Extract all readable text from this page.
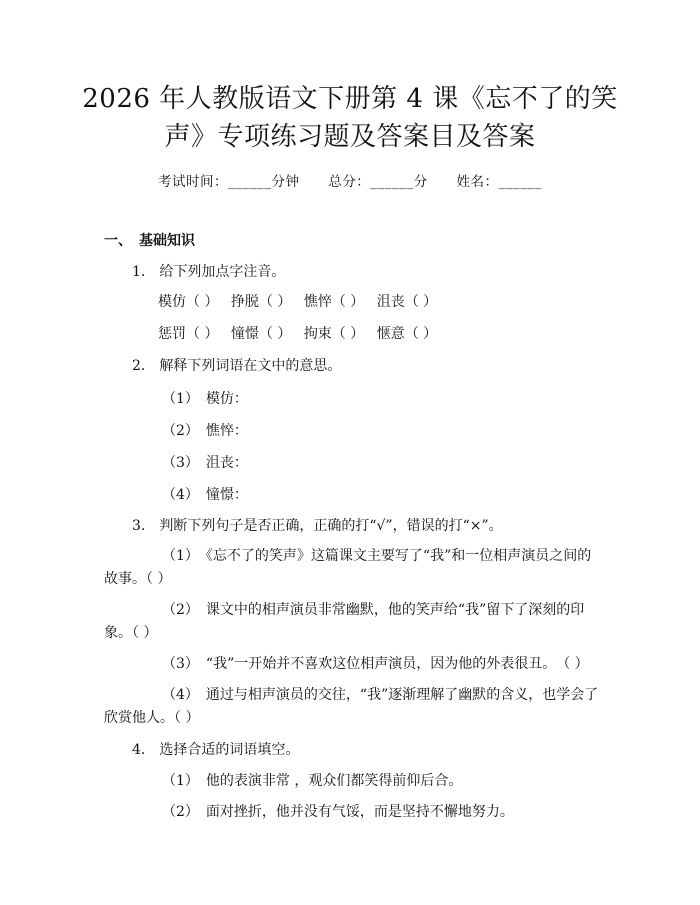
2026 年人教版语文下册第 4 课《忘不了的笑
声》专项练习题及答案目及答案
考试时间：______分钟 总分：______分 姓名：______
一、　基础知识
1.　给下列加点字注音。
模仿（ ） 挣脱（ ） 憔悴（ ） 沮丧（ ）
惩罚（ ） 憧憬（ ） 拘束（ ） 惬意（ ）
2.　解释下列词语在文中的意思。
（1）　模仿：
（2）　憔悴：
（3）　沮丧：
（4）　憧憬：
3.　判断下列句子是否正确，正确的打“√”，错误的打“×”。
（1）　《忘不了的笑声》这篇课文主要写了“我”和一位相声演员之间的
故事。（ ）
（2）　课文中的相声演员非常幽默，他的笑声给“我”留下了深刻的印
象。（ ）
（3）　“我”一开始并不喜欢这位相声演员，因为他的外表很丑。　（ ）
（4）　通过与相声演员的交往，“我”逐渐理解了幽默的含义，也学会了
欣赏他人。（ ）
4.　选择合适的词语填空。
（1）　他的表演非常 ，观众们都笑得前仰后合。
（2）　面对挫折，他并没有气馁，而是坚持不懈地努力。
